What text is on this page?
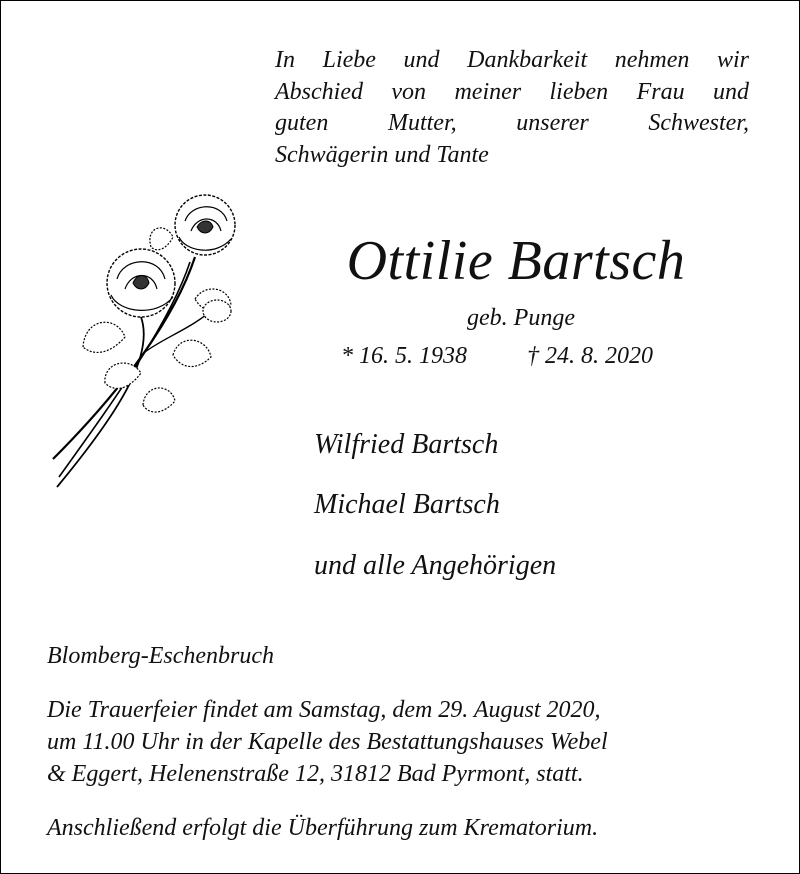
In Liebe und Dankbarkeit nehmen wir
Abschied von meiner lieben Frau und
guten Mutter, unserer Schwester,
Schwägerin und Tante
Ottilie Bartsch
geb. Punge
* 16. 5. 1938	† 24. 8. 2020
Wilfried Bartsch
Michael Bartsch
und alle Angehörigen
Blomberg-Eschenbruch
Die Trauerfeier findet am Samstag, dem 29. August 2020,
um 11.00 Uhr in der Kapelle des Bestattungshauses Webel
& Eggert, Helenenstraße 12, 31812 Bad Pyrmont, statt.
Anschließend erfolgt die Überführung zum Krematorium.
